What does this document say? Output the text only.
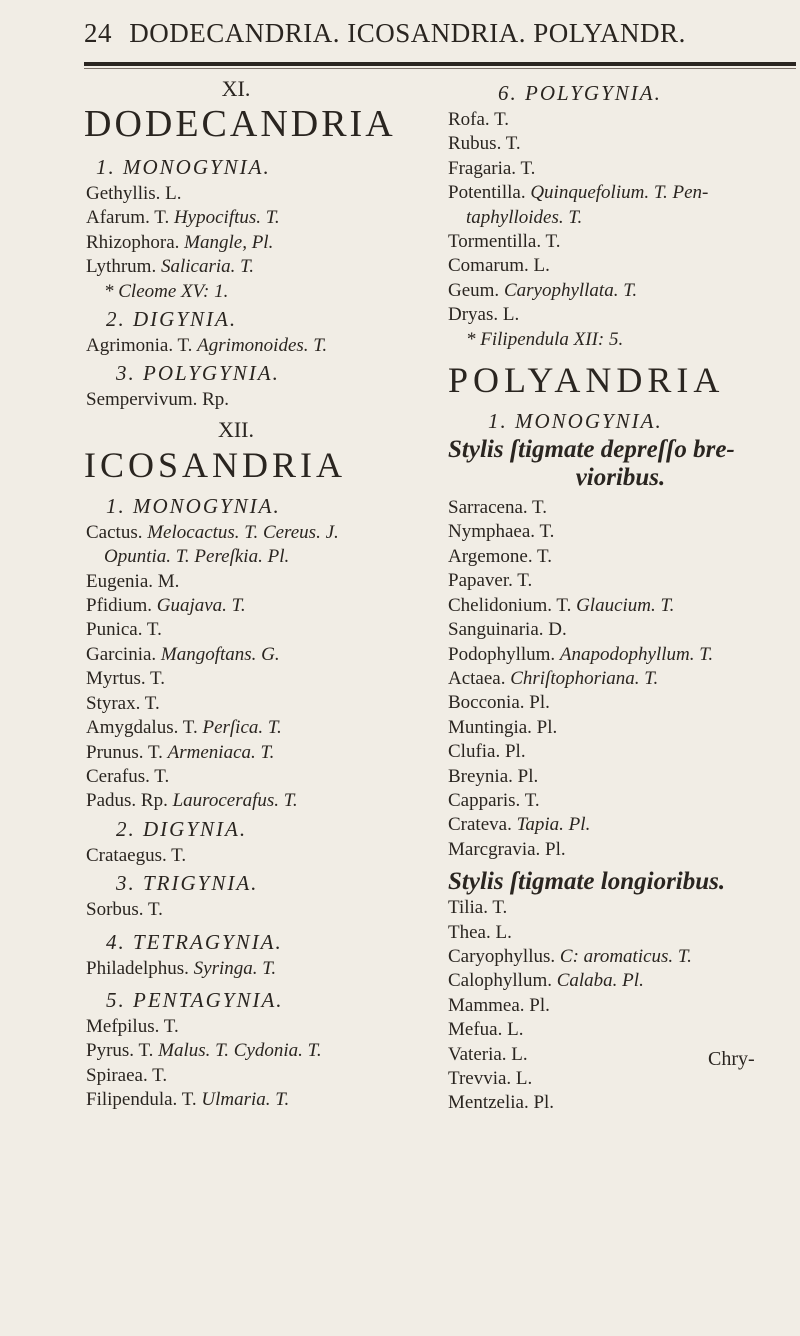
24 DODECANDRIA. ICOSANDRIA. POLYANDR.
XI.
DODECANDRIA
1. MONOGYNIA.
Gethyllis. L.
Afarum. T. Hypociftus. T.
Rhizophora. Mangle, Pl.
Lythrum. Salicaria. T.
* Cleome XV: 1.
2. DIGYNIA.
Agrimonia. T. Agrimonoides. T.
3. POLYGYNIA.
Sempervivum. Rp.
XII.
ICOSANDRIA
1. MONOGYNIA.
Cactus. Melocactus. T. Cereus. J.
Opuntia. T. Pereſkia. Pl.
Eugenia. M.
Pfidium. Guajava. T.
Punica. T.
Garcinia. Mangoftans. G.
Myrtus. T.
Styrax. T.
Amygdalus. T. Perſica. T.
Prunus. T. Armeniaca. T.
Cerafus. T.
Padus. Rp. Laurocerafus. T.
2. DIGYNIA.
Crataegus. T.
3. TRIGYNIA.
Sorbus. T.
4. TETRAGYNIA.
Philadelphus. Syringa. T.
5. PENTAGYNIA.
Mefpilus. T.
Pyrus. T. Malus. T. Cydonia. T.
Spiraea. T.
Filipendula. T. Ulmaria. T.
6. POLYGYNIA.
Rofa. T.
Rubus. T.
Fragaria. T.
Potentilla. Quinquefolium. T. Pen-
taphylloides. T.
Tormentilla. T.
Comarum. L.
Geum. Caryophyllata. T.
Dryas. L.
* Filipendula XII: 5.
POLYANDRIA
1. MONOGYNIA.
Stylis ſtigmate depreſſo bre-
vioribus.
Sarracena. T.
Nymphaea. T.
Argemone. T.
Papaver. T.
Chelidonium. T. Glaucium. T.
Sanguinaria. D.
Podophyllum. Anapodophyllum. T.
Actaea. Chriſtophoriana. T.
Bocconia. Pl.
Muntingia. Pl.
Clufia. Pl.
Breynia. Pl.
Capparis. T.
Crateva. Tapia. Pl.
Marcgravia. Pl.
Stylis ſtigmate longioribus.
Tilia. T.
Thea. L.
Caryophyllus. C: aromaticus. T.
Calophyllum. Calaba. Pl.
Mammea. Pl.
Mefua. L.
Vateria. L.
Trevvia. L.
Mentzelia. Pl.
Chry-
